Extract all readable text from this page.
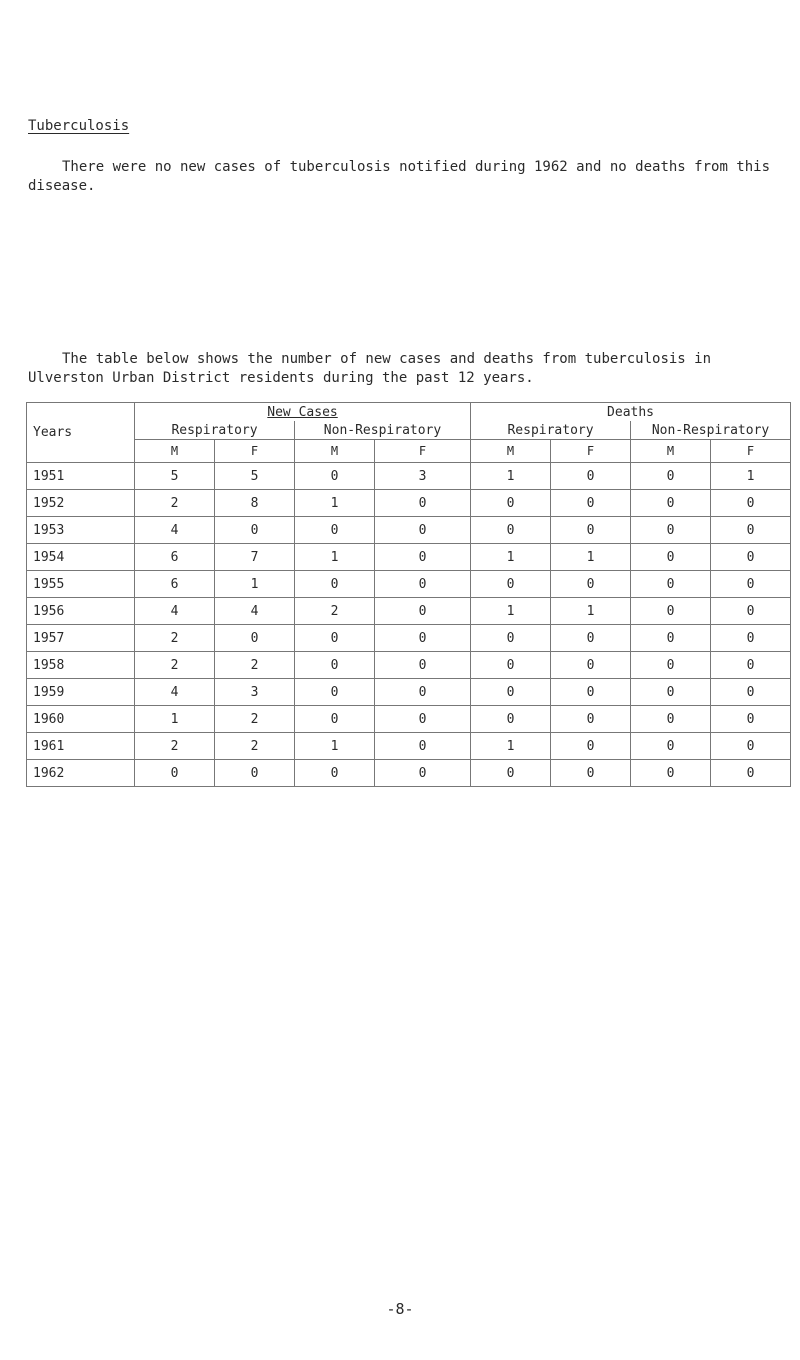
Tuberculosis

There were no new cases of tuberculosis notified during 1962 and no deaths from this disease.

The table below shows the number of new cases and deaths from tuberculosis in Ulverston Urban District residents during the past 12 years.

Years	New Cases				Deaths			
	Respiratory		Non-Respiratory		Respiratory		Non-Respiratory	
	M	F	M	F	M	F	M	F
1951	5	5	0	3	1	0	0	1
1952	2	8	1	0	0	0	0	0
1953	4	0	0	0	0	0	0	0
1954	6	7	1	0	1	1	0	0
1955	6	1	0	0	0	0	0	0
1956	4	4	2	0	1	1	0	0
1957	2	0	0	0	0	0	0	0
1958	2	2	0	0	0	0	0	0
1959	4	3	0	0	0	0	0	0
1960	1	2	0	0	0	0	0	0
1961	2	2	1	0	1	0	0	0
1962	0	0	0	0	0	0	0	0
-8-
